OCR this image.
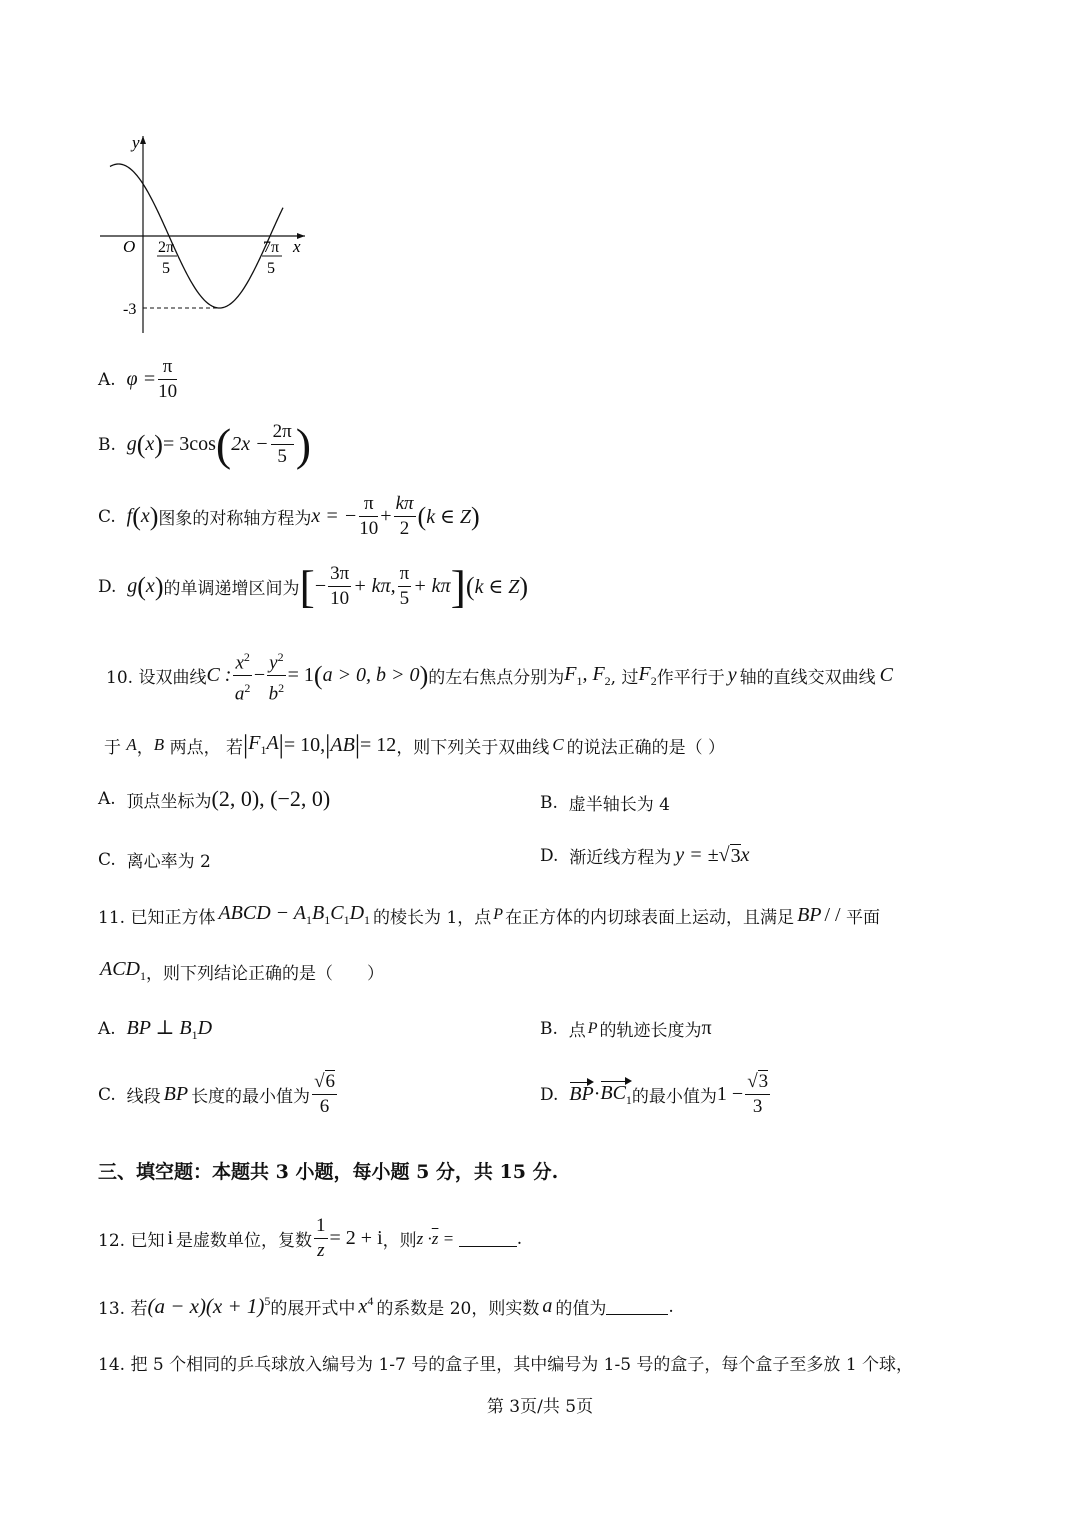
y
x
O 2π
5
7π
5
-3
A.
$\varphi = \frac{\pi}{10}$
B.
g ( x ) = 3cos ( $2x - \frac{2\pi}{5}$ )
C.
f ( x ) 图象的对称轴方程为 x = − $\frac{\pi}{10} + \frac{k\pi}{2}$ ( k ∈ Z )
D.
g ( x ) 的单调递增区间为 [ − $\frac{3\pi}{10} + k\pi$, $\frac{\pi}{5} + k\pi$ ] ( k ∈ Z )
10. 设双曲线 C : $\frac{x^2}{a^2} - \frac{y^2}{b^2} = 1$ ( a > 0, b > 0 ) 的左右焦点分别为 $F_1$, $F_2$ , 过 $F_2$ 作平行于 y 轴的直线交双曲线 C
于
A ， B
两点， 若 | $F_1A$ | = 10, | AB | = 12 ，则下列关于双曲线 C 的说法正确的是（ ）
A.
顶点坐标为 (2, 0), (−2, 0)	B.
虚半轴长为 4
C.
离心率为 2	D.
渐近线方程为 y = ± √ 3 x
11. 已知正方体 ABCD − $A_1B_1C_1D_1$ 的棱长为 1，点 P 在正方体的内切球表面上运动，且满足 BP / /
平面
$ACD_1$ ，则下列结论正确的是（　　）
A.
BP ⊥ $B_1D$	B.
点 P 的轨迹长度为 π
C.
线段 BP 长度的最小值为 $\frac{√6}{6}$	D.
BP · $BC_1$ 的最小值为 $1 - \frac{√3}{3}$
三、填空题：本题共 3 小题，每小题 5 分，共 15 分.
12. 已知 i 是虚数单位，复数 $\frac{1}{z} = 2 + i$ ，则 $z \cdot \overline{z}$
=
	.
13. 若 $(a - x)(x + 1)^5$ 的展开式中 $x^4$ 的系数是 20，则实数 a 的值为	.
14. 把 5 个相同的乒乓球放入编号为 1-7 号的盒子里，其中编号为 1-5 号的盒子，每个盒子至多放 1 个球，
第 3页/共 5页
